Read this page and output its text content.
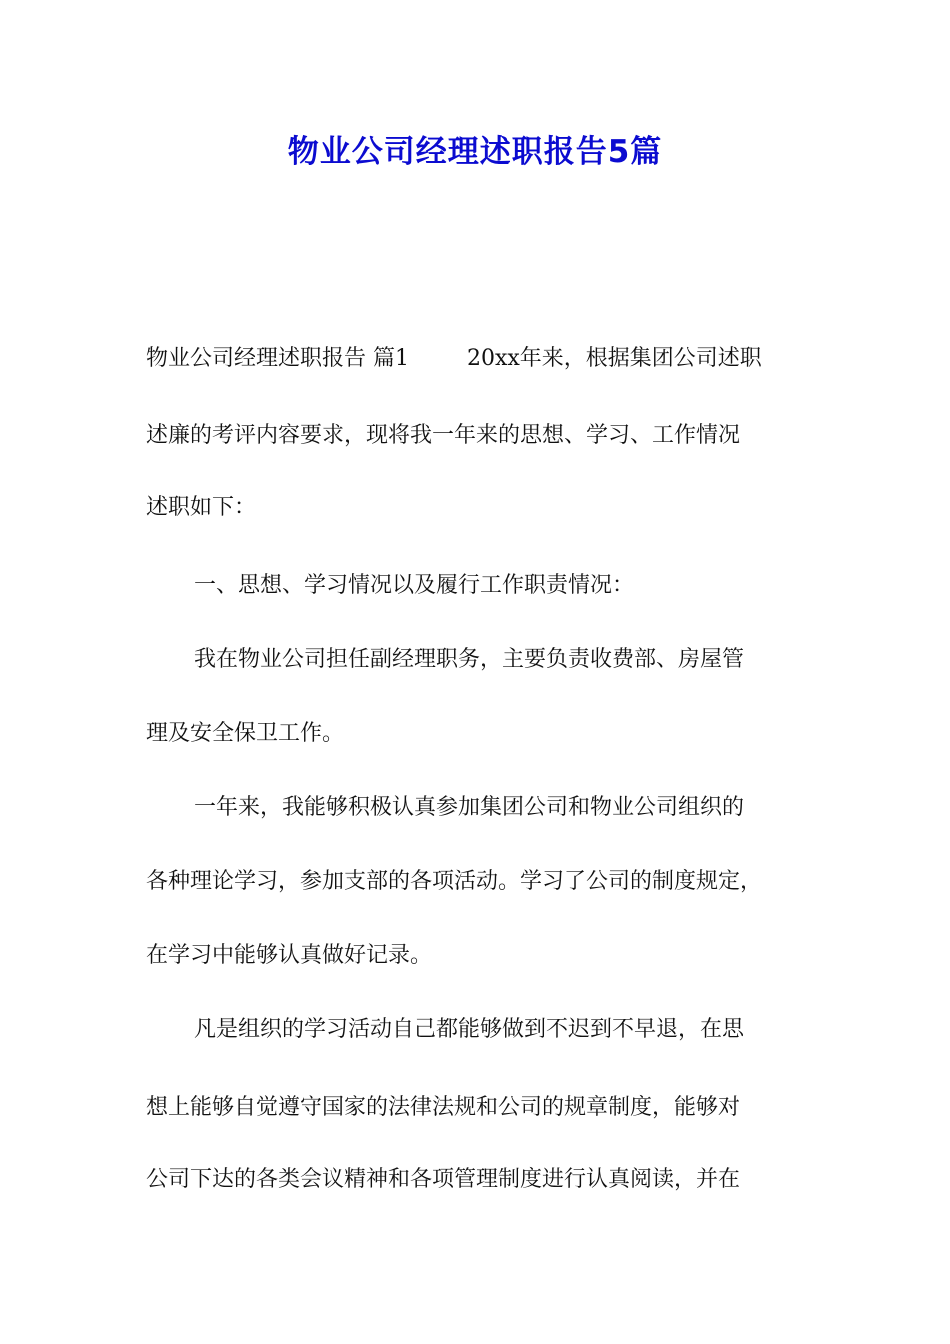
物业公司经理述职报告5篇

物业公司经理述职报告 篇1	20xx年来，根据集团公司述职

述廉的考评内容要求，现将我一年来的思想、学习、工作情况

述职如下：

一、思想、学习情况以及履行工作职责情况：

我在物业公司担任副经理职务，主要负责收费部、房屋管

理及安全保卫工作。

一年来，我能够积极认真参加集团公司和物业公司组织的

各种理论学习，参加支部的各项活动。学习了公司的制度规定，

在学习中能够认真做好记录。

凡是组织的学习活动自己都能够做到不迟到不早退，在思

想上能够自觉遵守国家的法律法规和公司的规章制度，能够对

公司下达的各类会议精神和各项管理制度进行认真阅读，并在
